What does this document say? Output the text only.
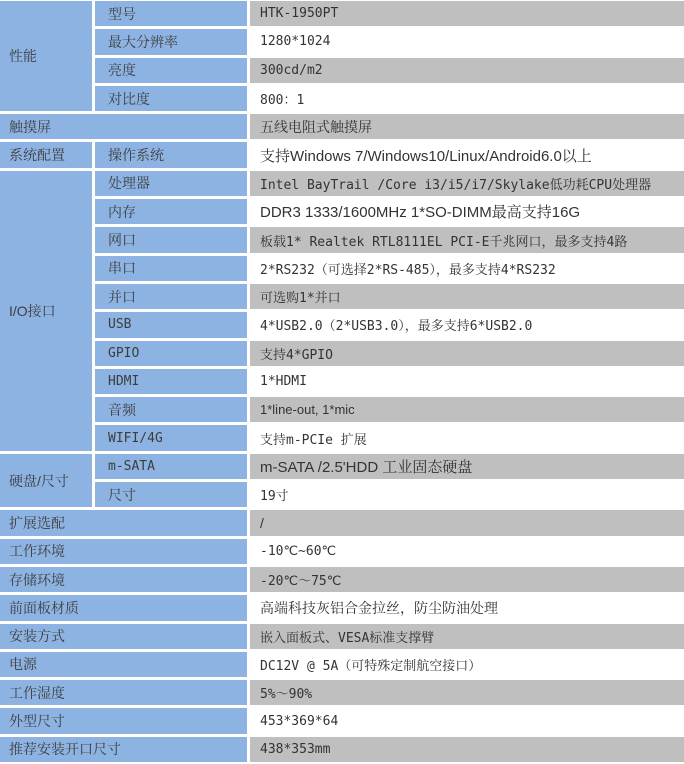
性能	型号	HTK-1950PT
	最大分辨率	1280*1024
	亮度	300cd/m2
	对比度	800：1
触摸屏		五线电阻式触摸屏
系统配置	操作系统	支持Windows 7/Windows10/Linux/Android6.0以上
I/O接口	处理器	Intel BayTrail /Core i3/i5/i7/Skylake低功耗CPU处理器
	内存	DDR3 1333/1600MHz 1*SO-DIMM最高支持16G
	网口	板载1* Realtek RTL8111EL PCI-E千兆网口，最多支持4路
	串口	2*RS232（可选择2*RS-485），最多支持4*RS232
	并口	可选购1*并口
	USB	4*USB2.0（2*USB3.0），最多支持6*USB2.0
	GPIO	支持4*GPIO
	HDMI	1*HDMI
	音频	1*line-out, 1*mic
	WIFI/4G	支持m-PCIe 扩展
硬盘/尺寸	m-SATA	m-SATA /2.5'HDD 工业固态硬盘
	尺寸	19寸
扩展选配		/
工作环境		-10℃~60℃
存储环境		-20℃～75℃
前面板材质		高端科技灰铝合金拉丝，防尘防油处理
安装方式		嵌入面板式、VESA标准支撑臂
电源		DC12V @ 5A（可特殊定制航空接口）
工作湿度		5%～90%
外型尺寸		453*369*64
推荐安装开口尺寸		438*353mm
